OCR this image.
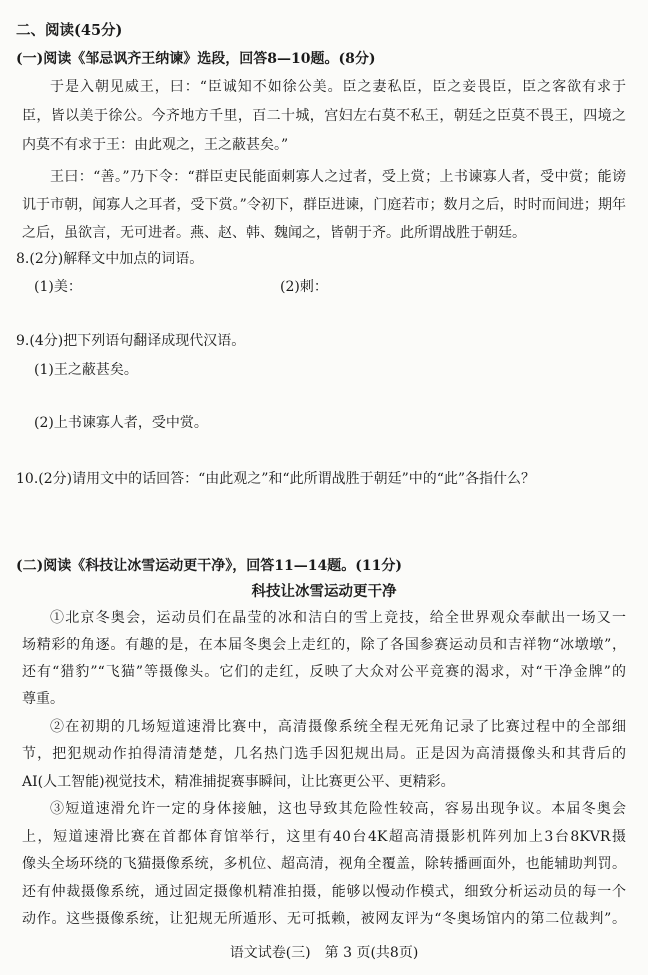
二、阅读(45分)
(一)阅读《邹忌讽齐王纳谏》选段，回答8—10题。(8分)
于是入朝见威王，曰：“臣诚知不如徐公美。臣之妻私臣，臣之妾畏臣，臣之客欲有求于
臣，皆以美于徐公。今齐地方千里，百二十城，宫妇左右莫不私王，朝廷之臣莫不畏王，四境之
内莫不有求于王：由此观之，王之蔽甚矣。”
王曰：“善。”乃下令：“群臣吏民能面刺寡人之过者，受上赏；上书谏寡人者，受中赏；能谤
讥于市朝，闻寡人之耳者，受下赏。”令初下，群臣进谏，门庭若市；数月之后，时时而间进；期年
之后，虽欲言，无可进者。燕、赵、韩、魏闻之，皆朝于齐。此所谓战胜于朝廷。
8.(2分)解释文中加点的词语。
(1)美：	(2)刺：
9.(4分)把下列语句翻译成现代汉语。
(1)王之蔽甚矣。
(2)上书谏寡人者，受中赏。
10.(2分)请用文中的话回答：“由此观之”和“此所谓战胜于朝廷”中的“此”各指什么？
(二)阅读《科技让冰雪运动更干净》，回答11—14题。(11分)
科技让冰雪运动更干净
①北京冬奥会，运动员们在晶莹的冰和洁白的雪上竞技，给全世界观众奉献出一场又一
场精彩的角逐。有趣的是，在本届冬奥会上走红的，除了各国参赛运动员和吉祥物“冰墩墩”，
还有“猎豹”“飞猫”等摄像头。它们的走红，反映了大众对公平竞赛的渴求，对“干净金牌”的
尊重。
②在初期的几场短道速滑比赛中，高清摄像系统全程无死角记录了比赛过程中的全部细
节，把犯规动作拍得清清楚楚，几名热门选手因犯规出局。正是因为高清摄像头和其背后的
AI(人工智能)视觉技术，精准捕捉赛事瞬间，让比赛更公平、更精彩。
③短道速滑允许一定的身体接触，这也导致其危险性较高，容易出现争议。本届冬奥会
上，短道速滑比赛在首都体育馆举行，这里有40台4K超高清摄影机阵列加上3台8KVR摄
像头全场环绕的飞猫摄像系统，多机位、超高清，视角全覆盖，除转播画面外，也能辅助判罚。
还有仲裁摄像系统，通过固定摄像机精准拍摄，能够以慢动作模式，细致分析运动员的每一个
动作。这些摄像系统，让犯规无所遁形、无可抵赖，被网友评为“冬奥场馆内的第二位裁判”。
语文试卷(三)　第 3 页(共8页)
